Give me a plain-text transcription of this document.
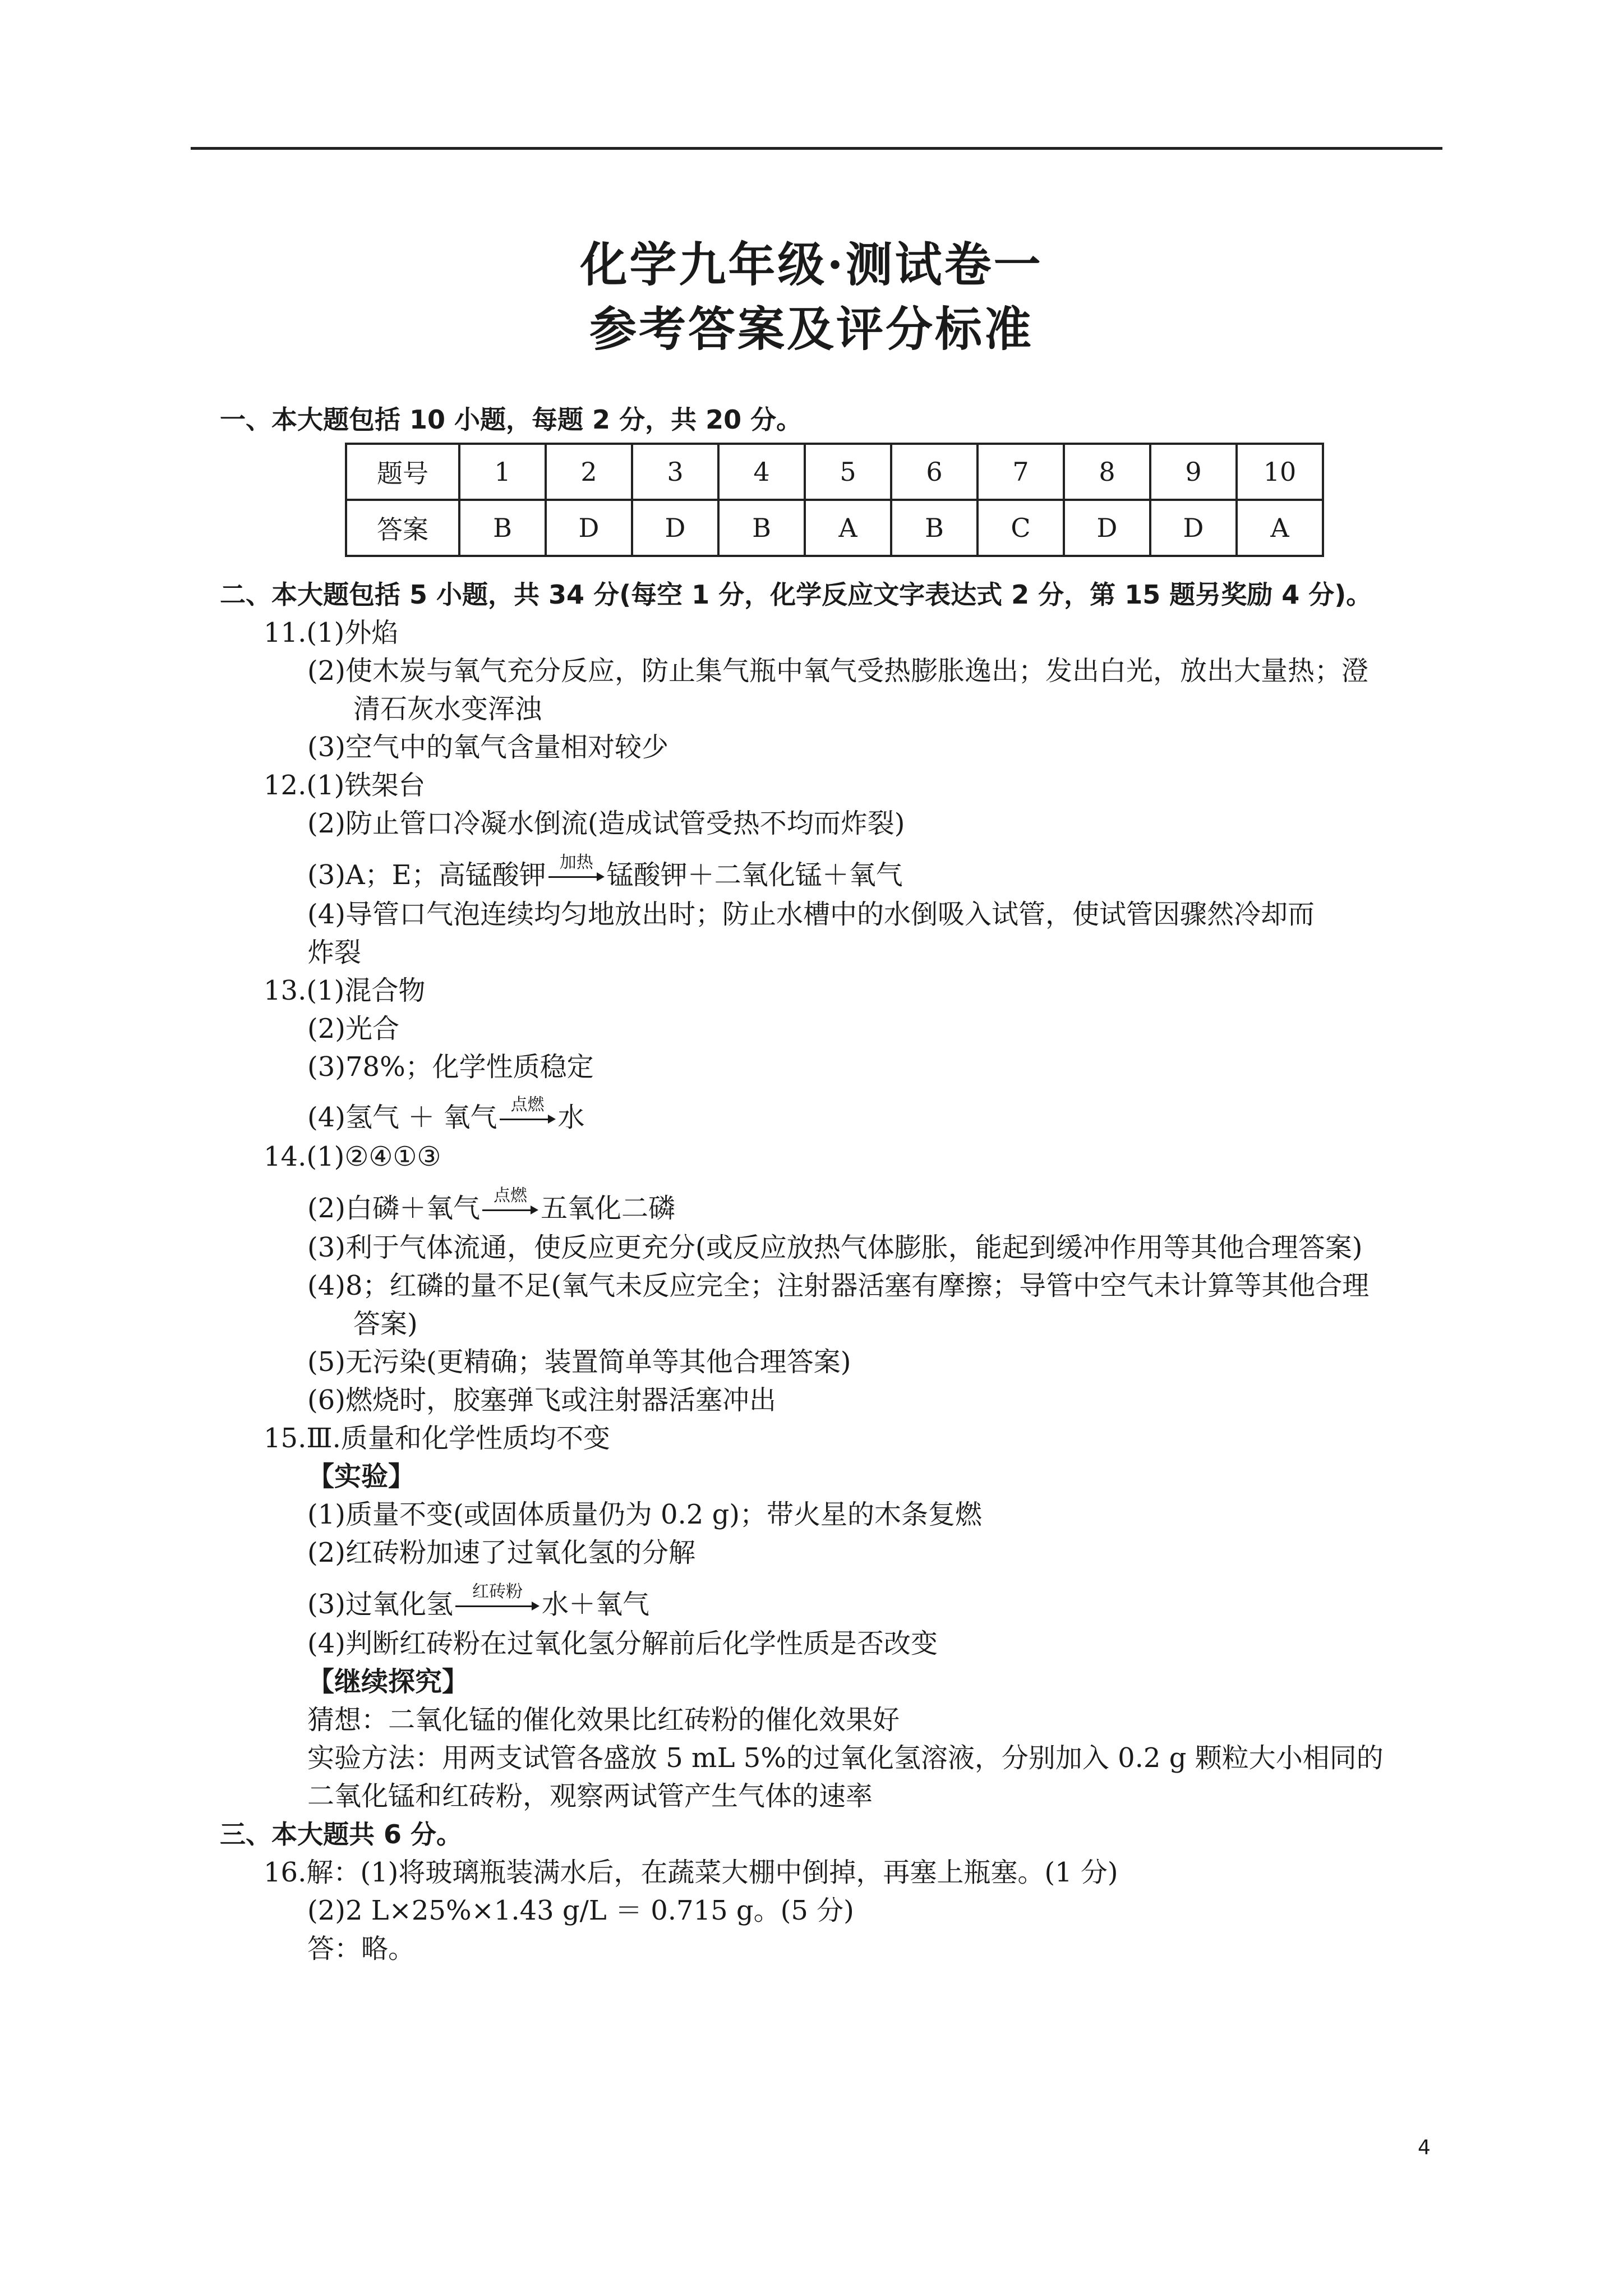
化学九年级·测试卷一
参考答案及评分标准
一、本大题包括 10 小题，每题 2 分，共 20 分。
题号	1	2	3	4	5	6	7	8	9	10
答案	B	D	D	B	A	B	C	D	D	A
二、本大题包括 5 小题，共 34 分(每空 1 分，化学反应文字表达式 2 分，第 15 题另奖励 4 分)。
11.(1)外焰
(2)使木炭与氧气充分反应，防止集气瓶中氧气受热膨胀逸出；发出白光，放出大量热；澄
清石灰水变浑浊
(3)空气中的氧气含量相对较少
12.(1)铁架台
(2)防止管口冷凝水倒流(造成试管受热不均而炸裂)
(3)A；E；高锰酸钾 加热 锰酸钾＋二氧化锰＋氧气
(4)导管口气泡连续均匀地放出时；防止水槽中的水倒吸入试管，使试管因骤然冷却而
炸裂
13.(1)混合物
(2)光合
(3)78%；化学性质稳定
(4)氢气 ＋ 氧气 点燃 水
14.(1)②④①③
(2)白磷＋氧气 点燃 五氧化二磷
(3)利于气体流通，使反应更充分(或反应放热气体膨胀，能起到缓冲作用等其他合理答案)
(4)8；红磷的量不足(氧气未反应完全；注射器活塞有摩擦；导管中空气未计算等其他合理
答案)
(5)无污染(更精确；装置简单等其他合理答案)
(6)燃烧时，胶塞弹飞或注射器活塞冲出
15.Ⅲ.质量和化学性质均不变
【实验】
(1)质量不变(或固体质量仍为 0.2 g)；带火星的木条复燃
(2)红砖粉加速了过氧化氢的分解
(3)过氧化氢	红砖粉 水＋氧气
(4)判断红砖粉在过氧化氢分解前后化学性质是否改变
【继续探究】
猜想：二氧化锰的催化效果比红砖粉的催化效果好
实验方法：用两支试管各盛放 5 mL 5%的过氧化氢溶液，分别加入 0.2 g 颗粒大小相同的
二氧化锰和红砖粉，观察两试管产生气体的速率
三、本大题共 6 分。
16.解：(1)将玻璃瓶装满水后，在蔬菜大棚中倒掉，再塞上瓶塞。(1 分)
(2)2 L×25%×1.43 g/L ＝ 0.715 g。(5 分)
答：略。
4
